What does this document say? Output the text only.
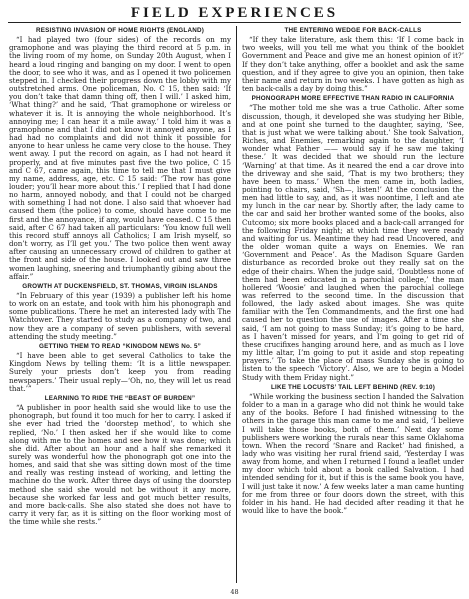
FIELD EXPERIENCES
RESISTING INVASION OF HOME RIGHTS (ENGLAND)

“I had played two (four sides) of the records on my gramophone and was playing the third record at 5 p.m. in the living room of my home, on Sunday 20th August, when I heard a loud ringing and banging on my door. I went to open the door, to see who it was, and as I opened it two policemen stepped in. I checked their progress down the lobby with my outstretched arms. One policeman, No. C 15, then said: ‘If you don’t take that damn thing off, then I will.’ I asked him, ‘What thing?’ and he said, ‘That gramophone or wireless or whatever it is. It is annoying the whole neighborhood. It’s annoying me; I can hear it a mile away.’ I told him it was a gramophone and that I did not know it annoyed anyone, as I had had no complaints and did not think it possible for anyone to hear unless he came very close to the house. They went away. I put the record on again, as I had not heard it properly, and at five minutes past five the two police, C 15 and C 67, came again, this time to tell me that I must give my name, address, age, etc. C 15 said: ‘The row has gone louder; you’ll hear more about this.’ I replied that I had done no harm, annoyed nobody, and that I could not be charged with something I had not done. I also said that whoever had caused them (the police) to come, should have come to me first and the annoyance, if any, would have ceased. C 15 then said, after C 67 had taken all particulars: ‘You know full well this record stuff annoys all Catholics; I am Irish myself, so don’t worry, as I’ll get you.’ The two police then went away after causing an unnecessary crowd of children to gather at the front and side of the house. I looked out and saw three women laughing, sneering and triumphantly gibing about the affair.”

GROWTH AT DUCKENSFIELD, ST. THOMAS, VIRGIN ISLANDS

“In February of this year (1939) a publisher left his home to work on an estate, and took with him his phonograph and some publications. There he met an interested lady with The Watchtower. They started to study as a company of two, and now they are a company of seven publishers, with several attending the study meeting.”

GETTING THEM TO READ “KINGDOM NEWS No. 5”

“I have been able to get several Catholics to take the Kingdom News by telling them: ‘It is a little newspaper. Surely your priests don’t keep you from reading newspapers.’ Their usual reply—‘Oh, no, they will let us read that.’”

LEARNING TO RIDE THE “BEAST OF BURDEN”

“A publisher in poor health said she would like to use the phonograph, but found it too much for her to carry. I asked if she ever had tried the ‘doorstep method’, to which she replied, ‘No.’ I then asked her if she would like to come along with me to the homes and see how it was done; which she did. After about an hour and a half she remarked it surely was wonderful how the phonograph got one into the homes, and said that she was sitting down most of the time and really was resting instead of working, and letting the machine do the work. After three days of using the doorstep method she said she would not be without it any more, because she worked far less and got much better results, and more back-calls. She also stated she does not have to carry it very far, as it is sitting on the floor working most of the time while she rests.”

THE ENTERING WEDGE FOR BACK-CALLS

“If they take literature, ask them this: ‘If I come back in two weeks, will you tell me what you think of the booklet Government and Peace and give me an honest opinion of it?’ If they don’t take anything, offer a booklet and ask the same question, and if they agree to give you an opinion, then take their name and return in two weeks. I have gotten as high as ten back-calls a day by doing this.”

PHONOGRAPH MORE EFFECTIVE THAN RADIO IN CALIFORNIA

“The mother told me she was a true Catholic. After some discussion, though, it developed she was studying her Bible, and at one point she turned to the daughter, saying, ‘See, that is just what we were talking about.’ She took Salvation, Riches, and Enemies, remarking again to the daughter, ‘I wonder what Father —— would say if he saw me taking these.’ It was decided that we should run the lecture ‘Warning’ at that time. As it neared the end a car drove into the driveway and she said, ‘That is my two brothers; they have been to mass.’ When the men came in, both ladies, pointing to chairs, said, ‘Sh—, listen!’ At the conclusion the men had little to say, and, as it was noontime, I left and ate my lunch in the car near by. Shortly after, the lady came to the car and said her brother wanted some of the books, also Cutcomo; six more books placed and a back-call arranged for the following Friday night; at which time they were ready and waiting for us. Meantime they had read Uncovered, and the older woman quite a ways on Enemies. We ran ‘Government and Peace’. As the Madison Square Garden disturbance as recorded broke out they really sat on the edge of their chairs. When the judge said, ‘Doubtless none of them had been educated in a parochial college,’ the man hollered ‘Woosie’ and laughed when the parochial college was referred to the second time. In the discussion that followed, the lady asked about images. She was quite familiar with the Ten Commandments, and the first one had caused her to question the use of images. After a time she said, ‘I am not going to mass Sunday; it’s going to be hard, as I haven’t missed for years, and I’m going to get rid of these crucifixes hanging around here, and as much as I love my little altar, I’m going to put it aside and stop repeating prayers.’ To take the place of mass Sunday she is going to listen to the speech ‘Victory’. Also, we are to begin a Model Study with them Friday night.”

LIKE THE LOCUSTS’ TAIL LEFT BEHIND (REV. 9:10)

“While working the business section I handed the Salvation folder to a man in a garage who did not think he would take any of the books. Before I had finished witnessing to the others in the garage this man came to me and said, ‘I believe I will take those books, both of them.’ Next day some publishers were working the rurals near this same Oklahoma town. When the record ‘Snare and Racket’ had finished, a lady who was visiting her rural friend said, ‘Yesterday I was away from home, and when I returned I found a leaflet under my door which told about a book called Salvation. I had intended sending for it, but if this is the same book you have, I will just take it now.’ A few weeks later a man came hunting for me from three or four doors down the street, with this folder in his hand. He had decided after reading it that he would like to have the book.”

48
